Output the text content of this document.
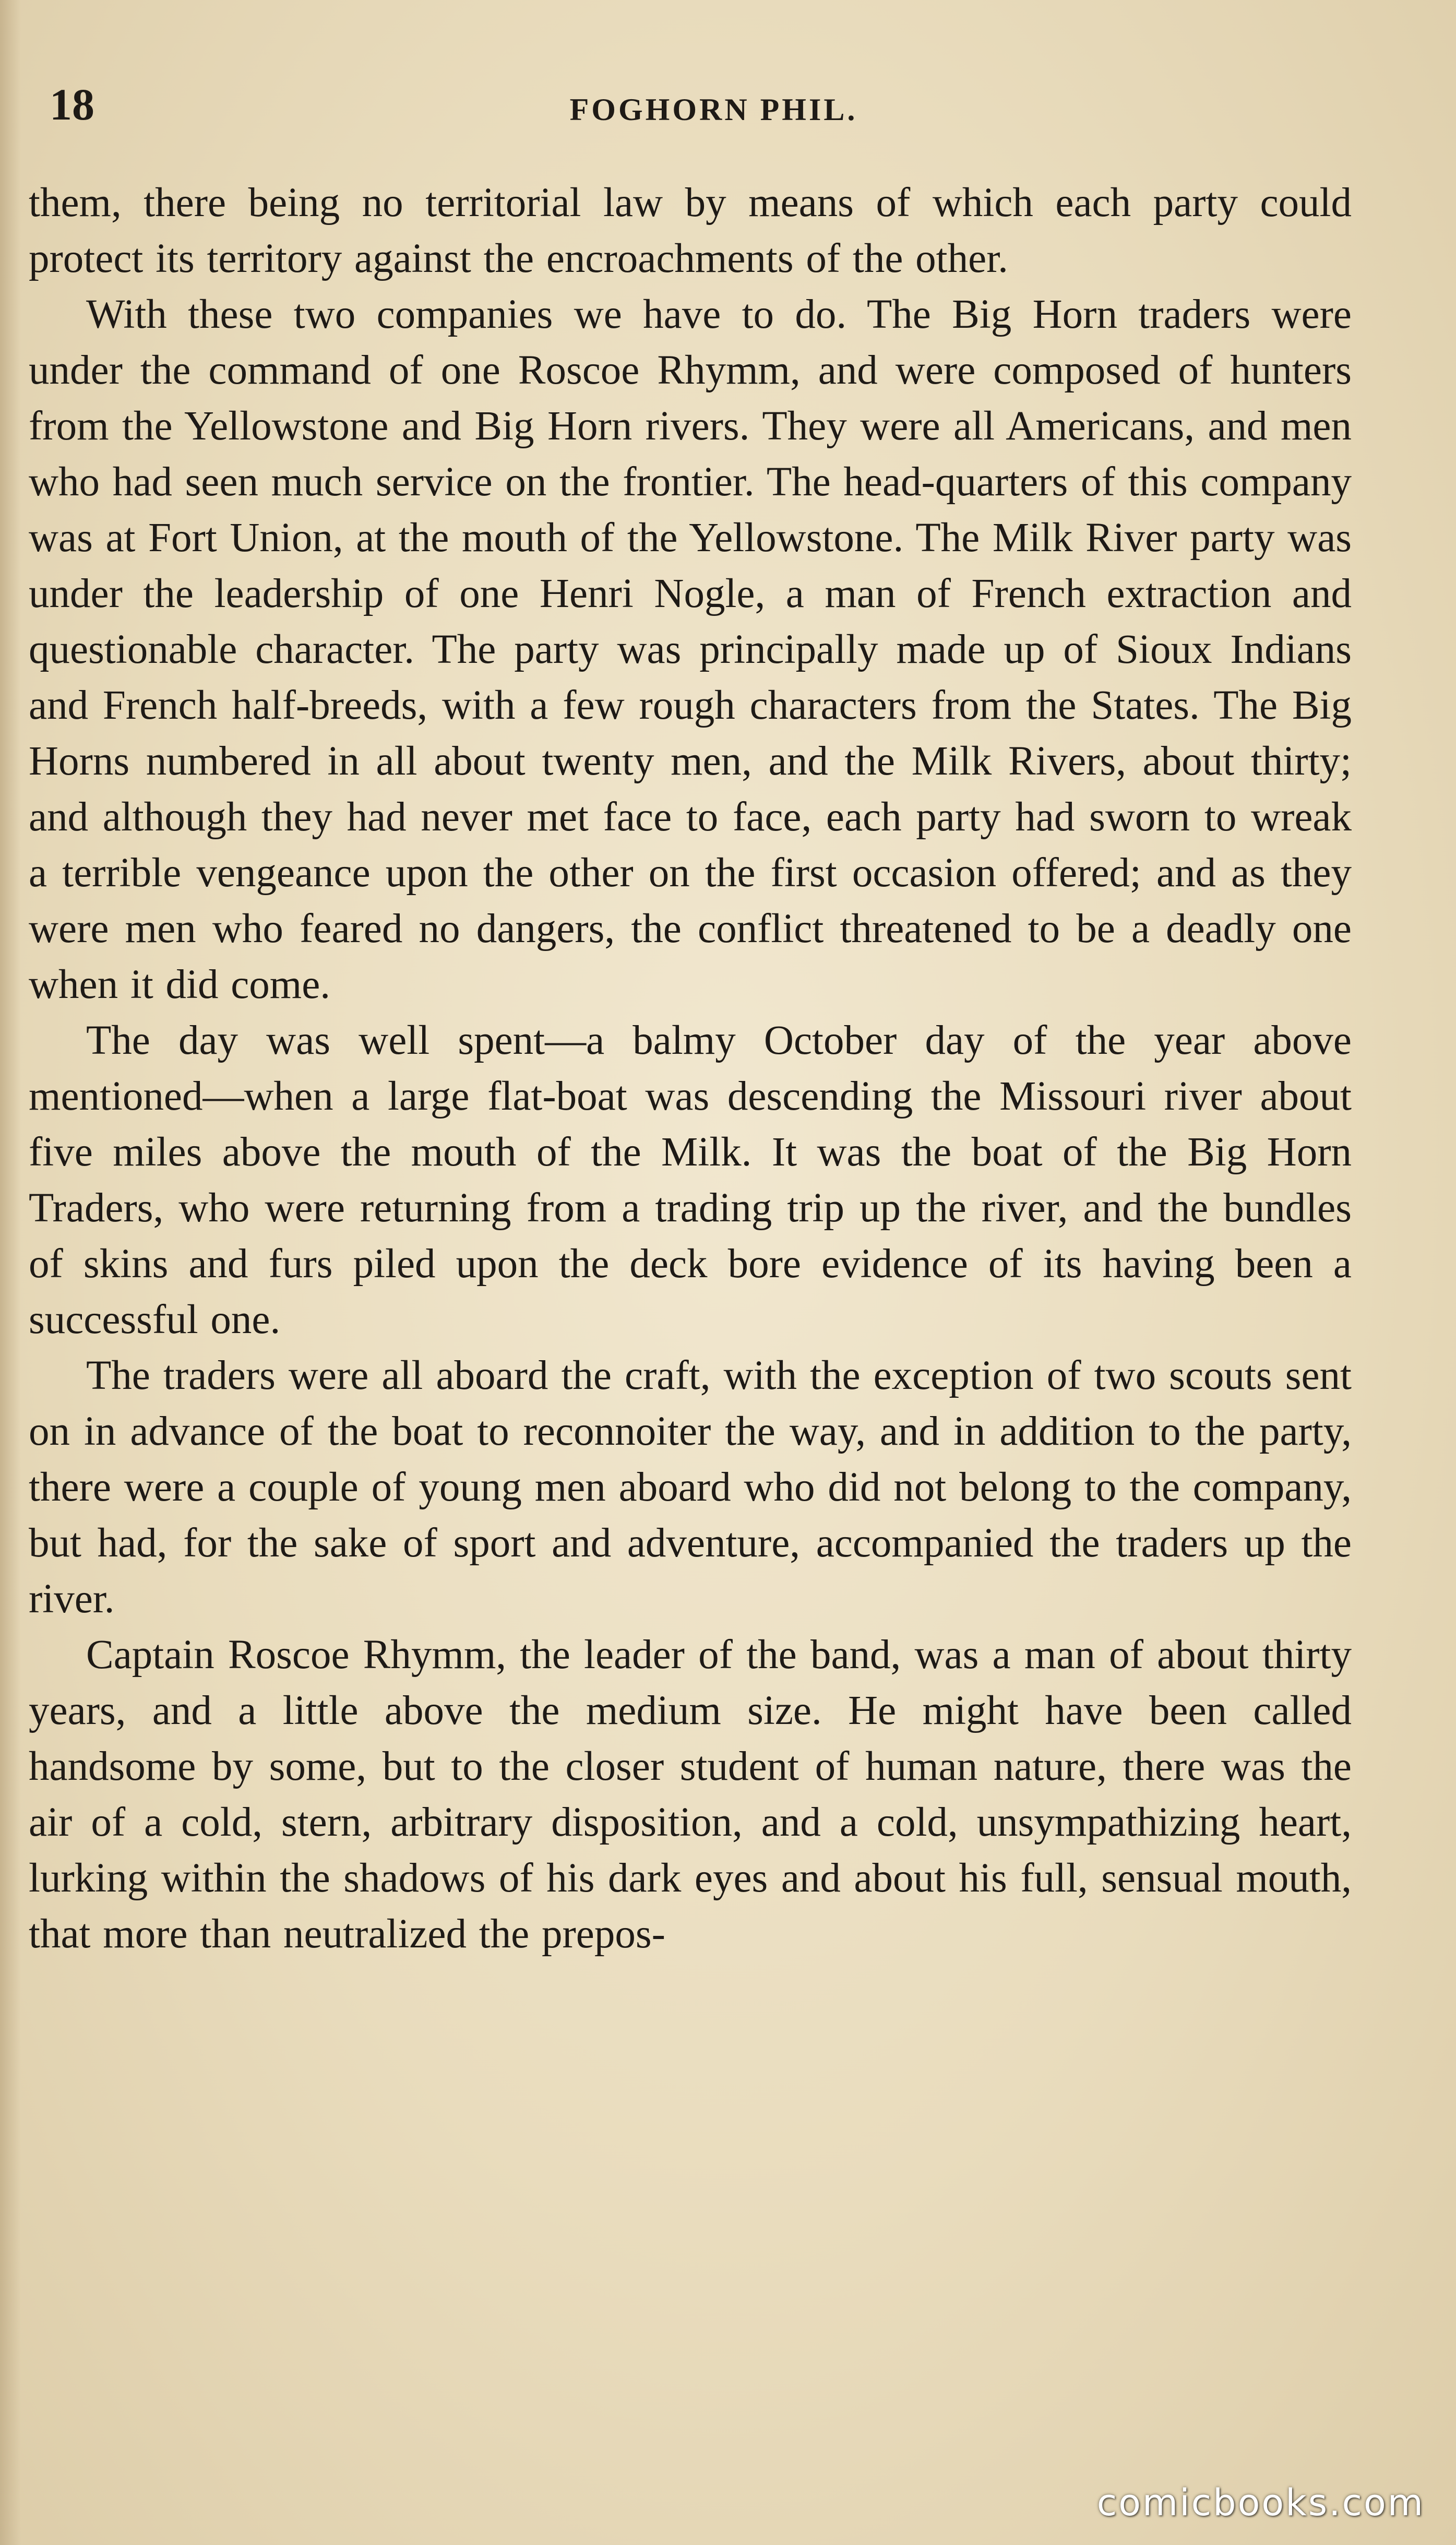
18	FOGHORN PHIL.

them, there being no territorial law by means of which each party could protect its territory against the encroachments of the other.

With these two companies we have to do. The Big Horn traders were under the command of one Roscoe Rhymm, and were composed of hunters from the Yellowstone and Big Horn rivers. They were all Americans, and men who had seen much service on the frontier. The head-quarters of this company was at Fort Union, at the mouth of the Yellowstone. The Milk River party was under the leadership of one Henri Nogle, a man of French extraction and questionable character. The party was principally made up of Sioux Indians and French half-breeds, with a few rough characters from the States. The Big Horns numbered in all about twenty men, and the Milk Rivers, about thirty; and although they had never met face to face, each party had sworn to wreak a terrible vengeance upon the other on the first occasion offered; and as they were men who feared no dangers, the conflict threatened to be a deadly one when it did come.

The day was well spent—a balmy October day of the year above mentioned—when a large flat-boat was descending the Missouri river about five miles above the mouth of the Milk. It was the boat of the Big Horn Traders, who were returning from a trading trip up the river, and the bundles of skins and furs piled upon the deck bore evidence of its having been a successful one.

The traders were all aboard the craft, with the exception of two scouts sent on in advance of the boat to reconnoiter the way, and in addition to the party, there were a couple of young men aboard who did not belong to the company, but had, for the sake of sport and adventure, accompanied the traders up the river.

Captain Roscoe Rhymm, the leader of the band, was a man of about thirty years, and a little above the medium size. He might have been called handsome by some, but to the closer student of human nature, there was the air of a cold, stern, arbitrary disposition, and a cold, unsympathizing heart, lurking within the shadows of his dark eyes and about his full, sensual mouth, that more than neutralized the prepos-

comicbooks.com
